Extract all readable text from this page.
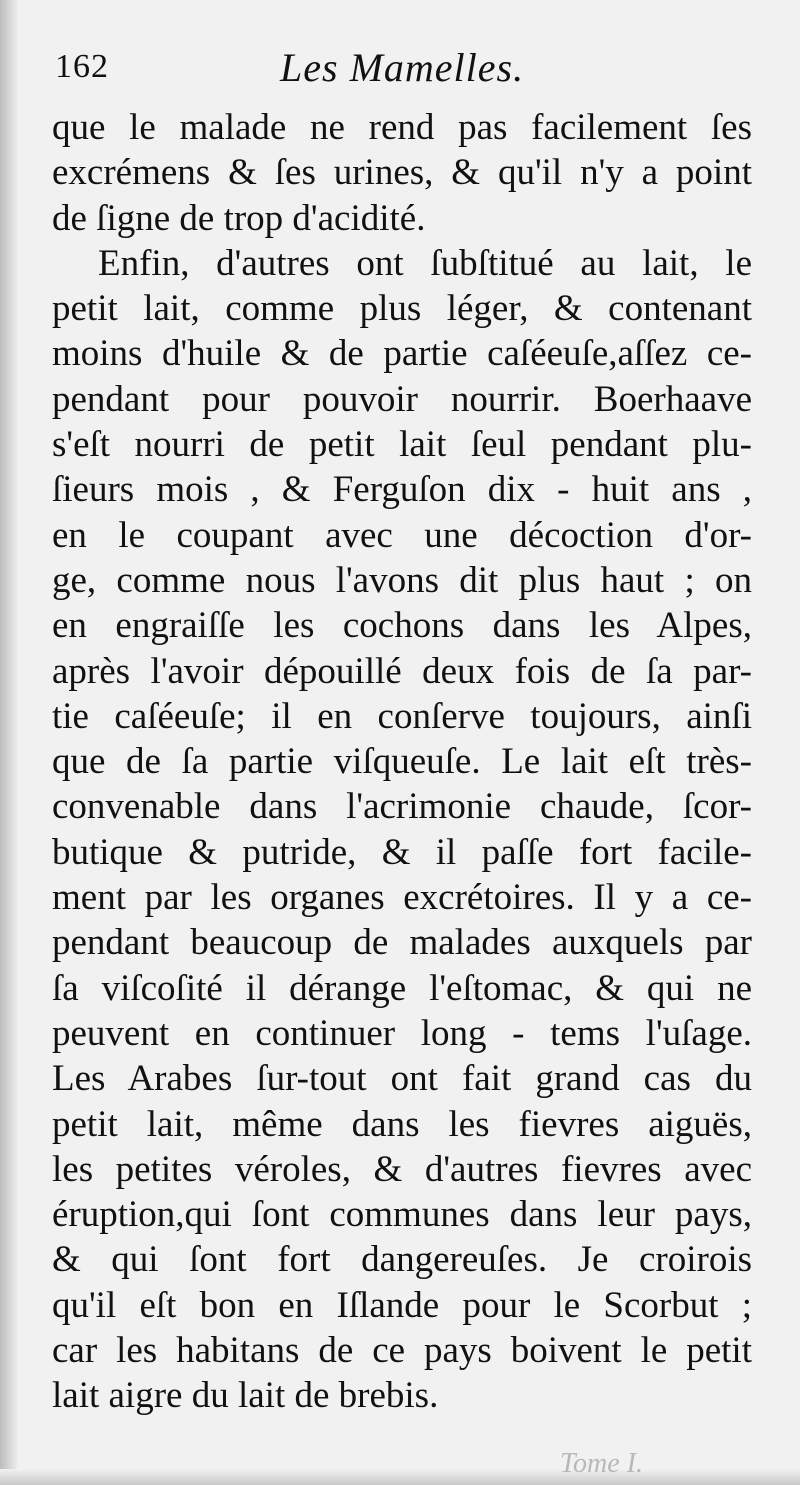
162	Les Mamelles.
que le malade ne rend pas facilement ſes
excrémens & ſes urines, & qu'il n'y a point
de ſigne de trop d'acidité.
Enfin, d'autres ont ſubſtitué au lait, le
petit lait, comme plus léger, & contenant
moins d'huile & de partie caſéeuſe,aſſez ce-
pendant pour pouvoir nourrir. Boerhaave
s'eſt nourri de petit lait ſeul pendant plu-
ſieurs mois , & Ferguſon dix - huit ans ,
en le coupant avec une décoction d'or-
ge, comme nous l'avons dit plus haut ; on
en engraiſſe les cochons dans les Alpes,
après l'avoir dépouillé deux fois de ſa par-
tie caſéeuſe; il en conſerve toujours, ainſi
que de ſa partie viſqueuſe. Le lait eſt très-
convenable dans l'acrimonie chaude, ſcor-
butique & putride, & il paſſe fort facile-
ment par les organes excrétoires. Il y a ce-
pendant beaucoup de malades auxquels par
ſa viſcoſité il dérange l'eſtomac, & qui ne
peuvent en continuer long - tems l'uſage.
Les Arabes ſur-tout ont fait grand cas du
petit lait, même dans les fievres aiguës,
les petites véroles, & d'autres fievres avec
éruption,qui ſont communes dans leur pays,
& qui ſont fort dangereuſes. Je croirois
qu'il eſt bon en Iſlande pour le Scorbut ;
car les habitans de ce pays boivent le petit
lait aigre du lait de brebis.
Tome I.
